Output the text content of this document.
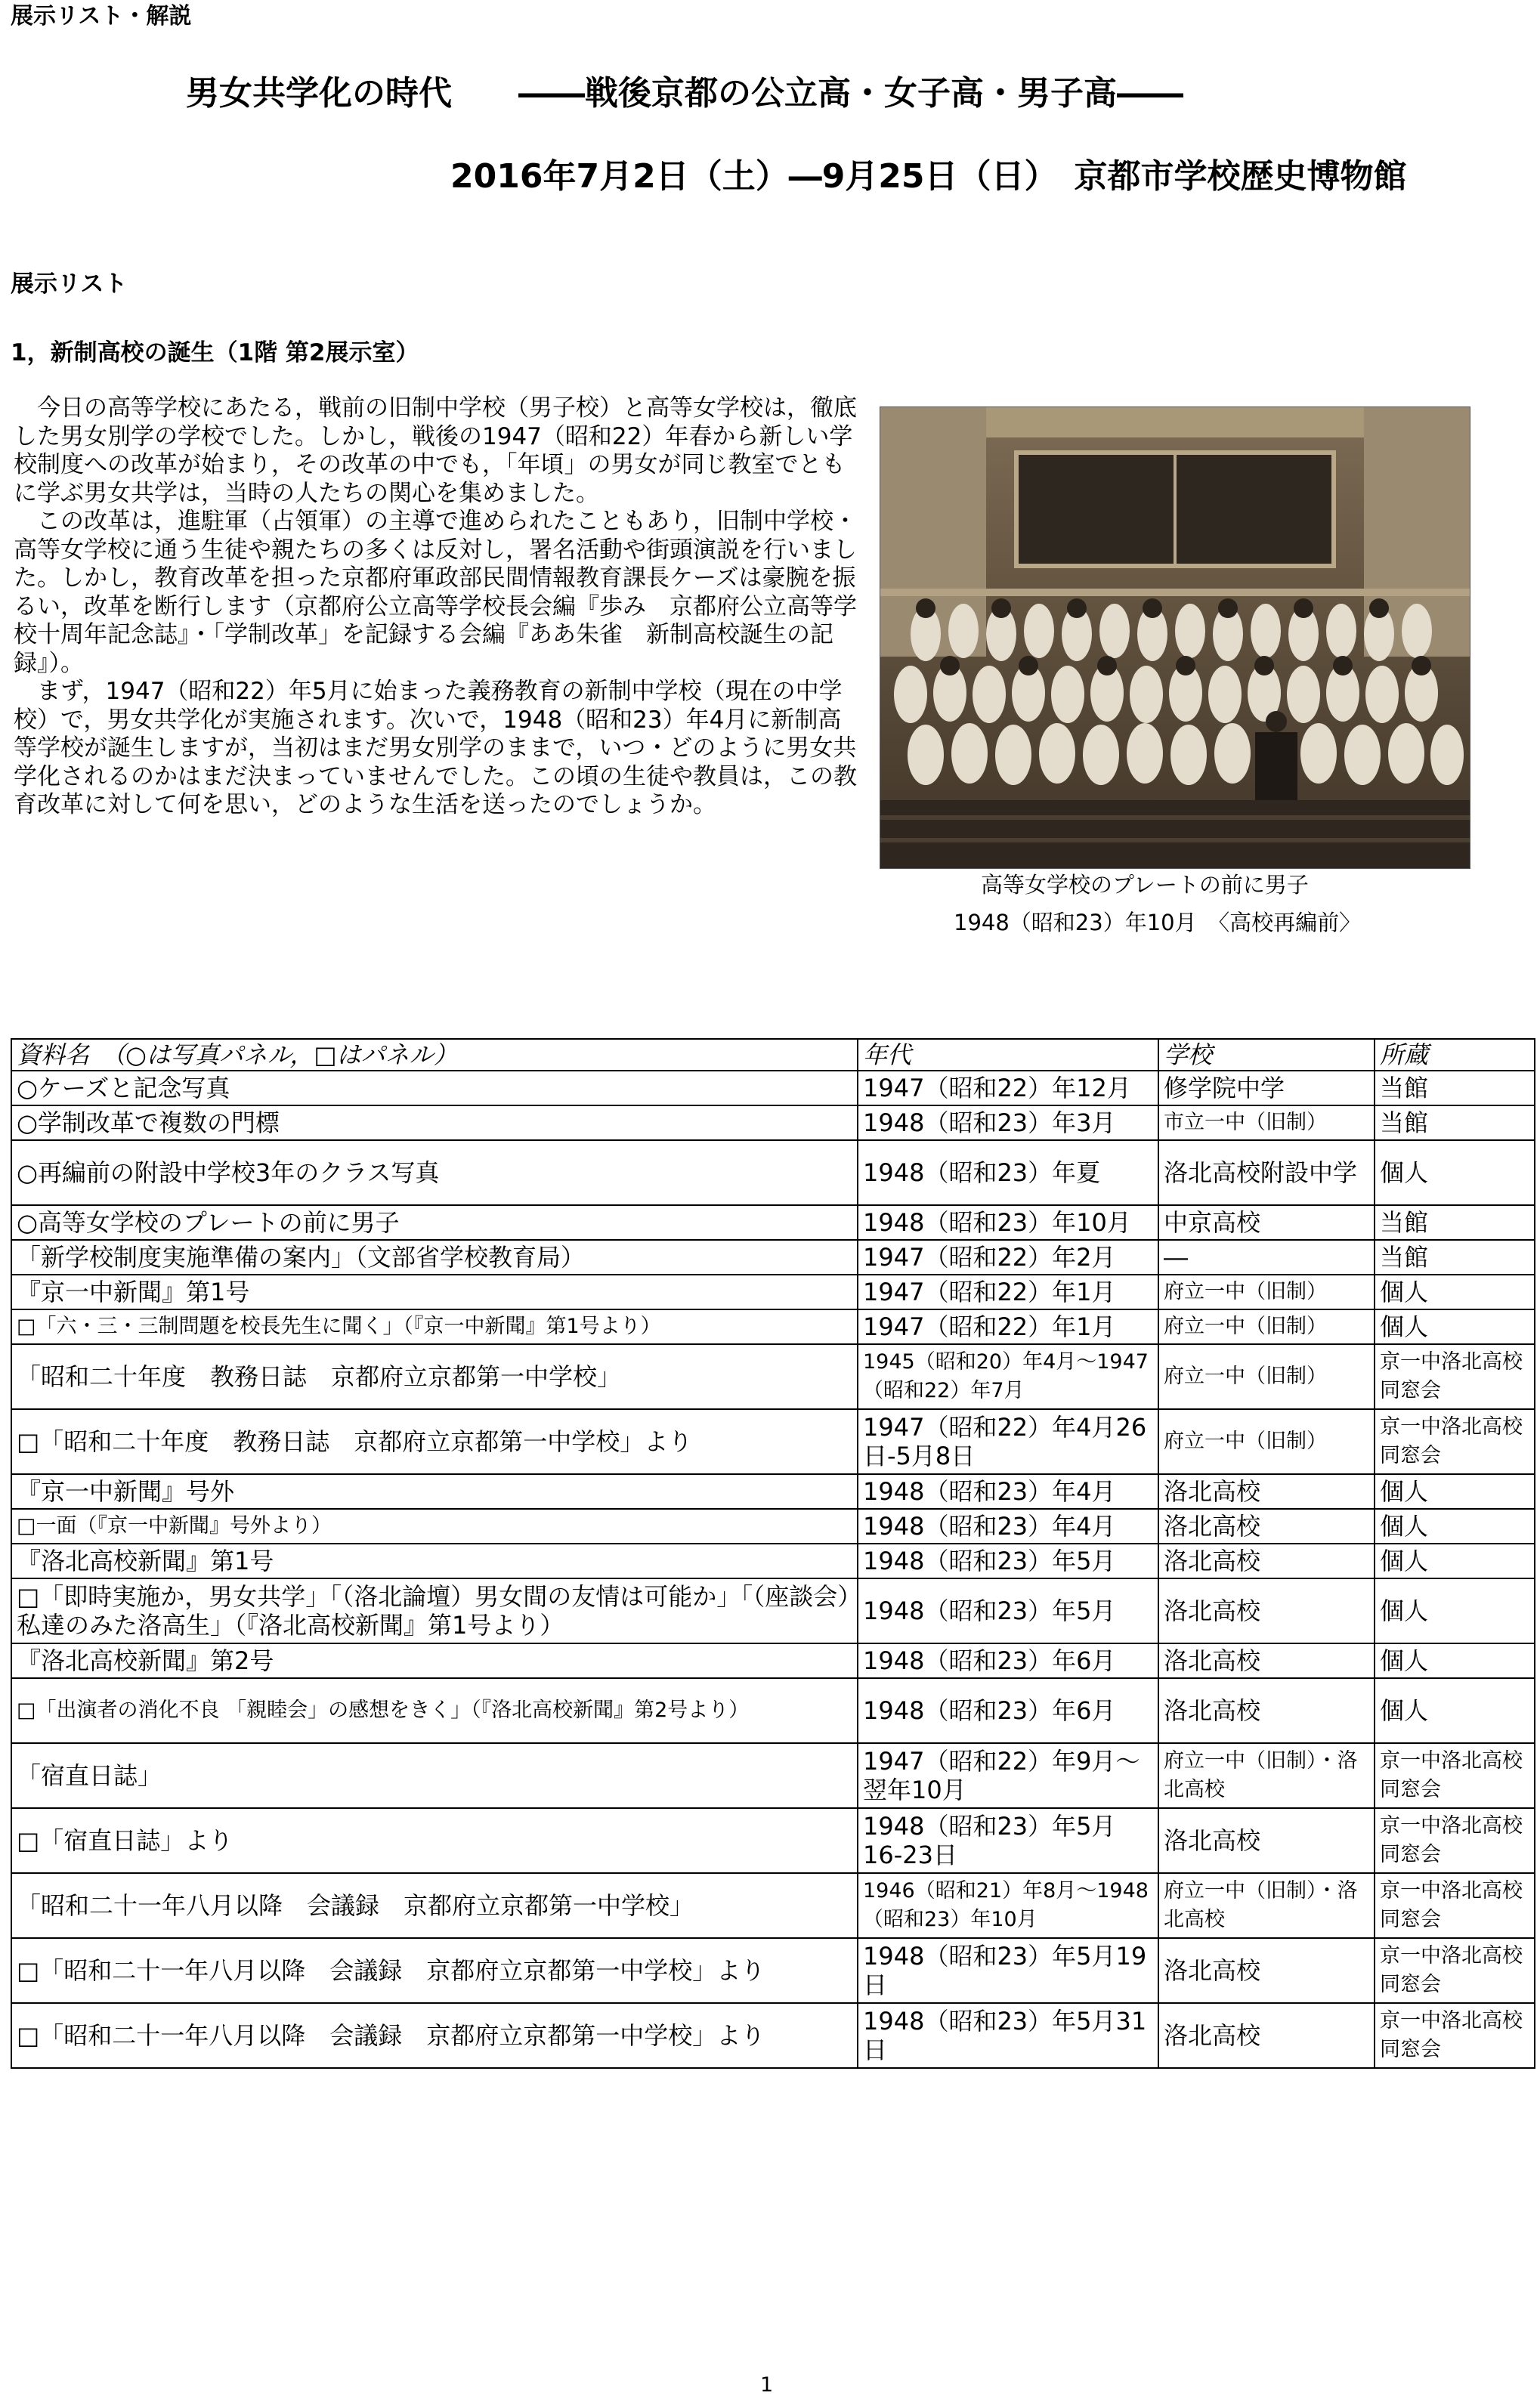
展示リスト・解説
男女共学化の時代　　――戦後京都の公立高・女子高・男子高――
2016年7月2日（土）―9月25日（日）　京都市学校歴史博物館
展示リスト
1，新制高校の誕生（1階 第2展示室）

今日の高等学校にあたる，戦前の旧制中学校（男子校）と高等女学校は，徹底した男女別学の学校でした。しかし，戦後の1947（昭和22）年春から新しい学校制度への改革が始まり，その改革の中でも，「年頃」の男女が同じ教室でともに学ぶ男女共学は，当時の人たちの関心を集めました。

この改革は，進駐軍（占領軍）の主導で進められたこともあり，旧制中学校・高等女学校に通う生徒や親たちの多くは反対し，署名活動や街頭演説を行いました。しかし，教育改革を担った京都府軍政部民間情報教育課長ケーズは豪腕を振るい，改革を断行します（京都府公立高等学校長会編『歩み　京都府公立高等学校十周年記念誌』・「学制改革」を記録する会編『ああ朱雀　新制高校誕生の記録』）。

まず，1947（昭和22）年5月に始まった義務教育の新制中学校（現在の中学校）で，男女共学化が実施されます。次いで，1948（昭和23）年4月に新制高等学校が誕生しますが，当初はまだ男女別学のままで，いつ・どのように男女共学化されるのかはまだ決まっていませんでした。この頃の生徒や教員は，この教育改革に対して何を思い，どのような生活を送ったのでしょうか。

高等女学校のプレートの前に男子
1948（昭和23）年10月　〈高校再編前〉
資料名　（○は写真パネル，□はパネル）	年代	学校	所蔵
○ケーズと記念写真	1947（昭和22）年12月	修学院中学	当館
○学制改革で複数の門標	1948（昭和23）年3月	市立一中（旧制）	当館
○再編前の附設中学校3年のクラス写真	1948（昭和23）年夏	洛北高校附設中学	個人
○高等女学校のプレートの前に男子	1948（昭和23）年10月	中京高校	当館
「新学校制度実施準備の案内」（文部省学校教育局）	1947（昭和22）年2月	―	当館
『京一中新聞』第1号	1947（昭和22）年1月	府立一中（旧制）	個人
□「六・三・三制問題を校長先生に聞く」（『京一中新聞』第1号より）	1947（昭和22）年1月	府立一中（旧制）	個人
「昭和二十年度　教務日誌　京都府立京都第一中学校」	1945（昭和20）年4月～1947（昭和22）年7月	府立一中（旧制）	京一中洛北高校同窓会
□「昭和二十年度　教務日誌　京都府立京都第一中学校」より	1947（昭和22）年4月26日-5月8日	府立一中（旧制）	京一中洛北高校同窓会
『京一中新聞』号外	1948（昭和23）年4月	洛北高校	個人
□一面（『京一中新聞』号外より）	1948（昭和23）年4月	洛北高校	個人
『洛北高校新聞』第1号	1948（昭和23）年5月	洛北高校	個人
□「即時実施か，男女共学」「（洛北論壇）男女間の友情は可能か」「（座談会）私達のみた洛高生」（『洛北高校新聞』第1号より）	1948（昭和23）年5月	洛北高校	個人
『洛北高校新聞』第2号	1948（昭和23）年6月	洛北高校	個人
□「出演者の消化不良 「親睦会」の感想をきく」（『洛北高校新聞』第2号より）	1948（昭和23）年6月	洛北高校	個人
「宿直日誌」	1947（昭和22）年9月～翌年10月	府立一中（旧制）・洛北高校	京一中洛北高校同窓会
□「宿直日誌」より	1948（昭和23）年5月16-23日	洛北高校	京一中洛北高校同窓会
「昭和二十一年八月以降　会議録　京都府立京都第一中学校」	1946（昭和21）年8月～1948（昭和23）年10月	府立一中（旧制）・洛北高校	京一中洛北高校同窓会
□「昭和二十一年八月以降　会議録　京都府立京都第一中学校」より	1948（昭和23）年5月19日	洛北高校	京一中洛北高校同窓会
□「昭和二十一年八月以降　会議録　京都府立京都第一中学校」より	1948（昭和23）年5月31日	洛北高校	京一中洛北高校同窓会
1
